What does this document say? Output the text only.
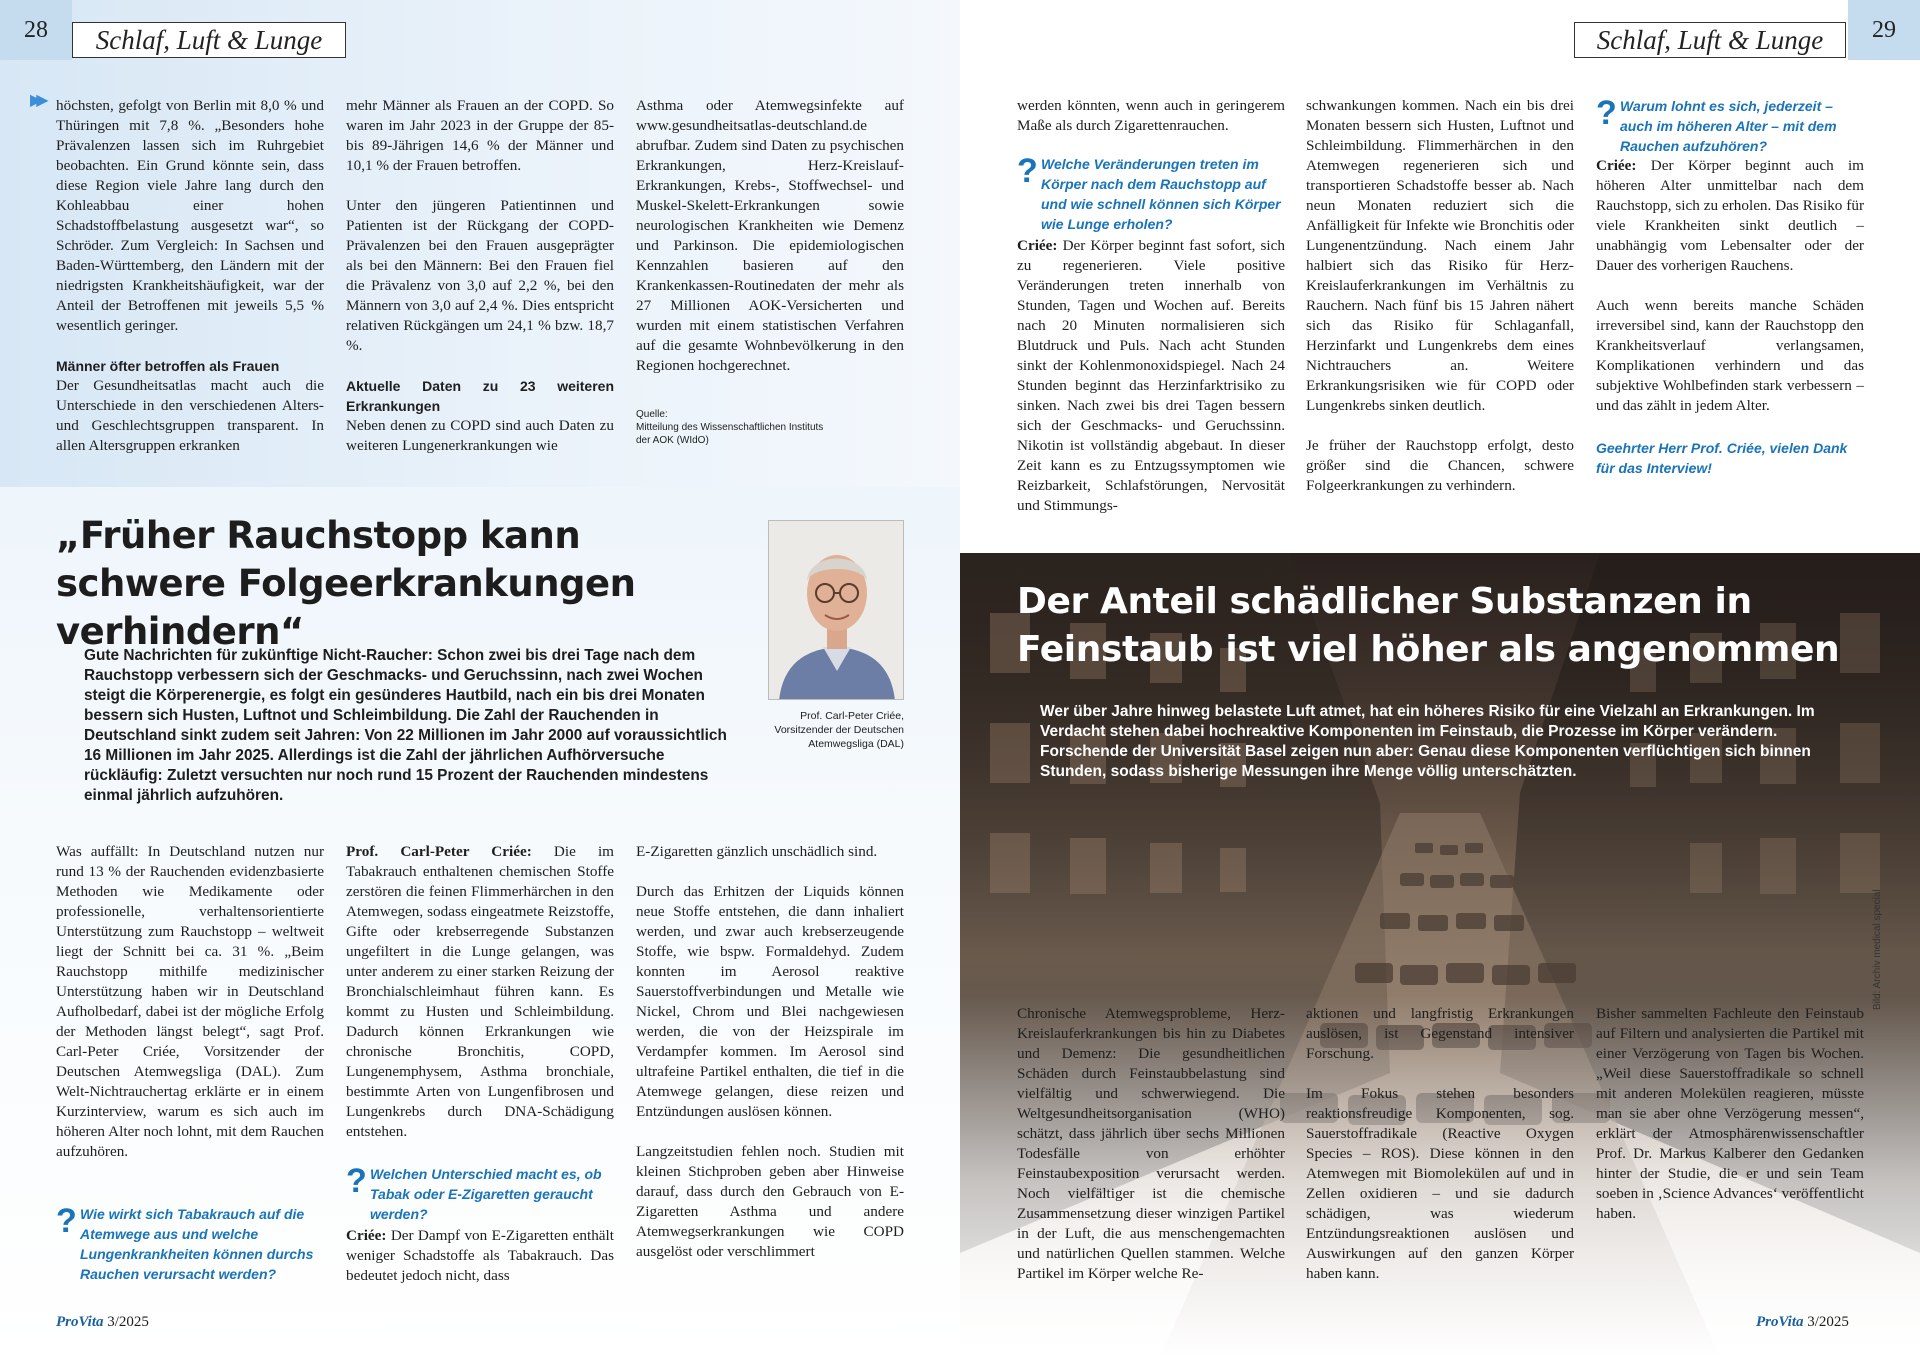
28	Schlaf, Luft & Lunge	Schlaf, Luft & Lunge	29
▶▶ höchsten, gefolgt von Berlin mit 8,0 % und Thüringen mit 7,8 %. „Besonders hohe Prävalenzen lassen sich im Ruhrgebiet beobachten. Ein Grund könnte sein, dass diese Region viele Jahre lang durch den Kohleabbau einer hohen Schadstoffbelastung ausgesetzt war“, so Schröder. Zum Vergleich: In Sachsen und Baden-Württemberg, den Ländern mit der niedrigsten Krankheitshäufigkeit, war der Anteil der Betroffenen mit jeweils 5,5 % wesentlich geringer.

Männer öfter betroffen als Frauen
Der Gesundheitsatlas macht auch die Unterschiede in den verschiedenen Alters- und Geschlechtsgruppen transparent. In allen Altersgruppen erkranken

mehr Männer als Frauen an der COPD. So waren im Jahr 2023 in der Gruppe der 85- bis 89-Jährigen 14,6 % der Männer und 10,1 % der Frauen betroffen.

Unter den jüngeren Patientinnen und Patienten ist der Rückgang der COPD-Prävalenzen bei den Frauen ausgeprägter als bei den Männern: Bei den Frauen fiel die Prävalenz von 3,0 auf 2,2 %, bei den Männern von 3,0 auf 2,4 %. Dies entspricht relativen Rückgängen um 24,1 % bzw. 18,7 %.

Aktuelle Daten zu 23 weiteren Erkrankungen
Neben denen zu COPD sind auch Daten zu weiteren Lungenerkrankungen wie

Asthma oder Atemwegsinfekte auf www.gesundheitsatlas-deutschland.de abrufbar. Zudem sind Daten zu psychischen Erkrankungen, Herz-Kreislauf-Erkrankungen, Krebs-, Stoffwechsel- und Muskel-Skelett-Erkrankungen sowie neurologischen Krankheiten wie Demenz und Parkinson. Die epidemiologischen Kennzahlen basieren auf den Krankenkassen-Routinedaten der mehr als 27 Millionen AOK-Versicherten und wurden mit einem statistischen Verfahren auf die gesamte Wohnbevölkerung in den Regionen hochgerechnet.

Quelle:
Mitteilung des Wissenschaftlichen Instituts der AOK (WIdO)

„Früher Rauchstopp kann schwere Folgeerkrankungen verhindern“
Gute Nachrichten für zukünftige Nicht-Raucher: Schon zwei bis drei Tage nach dem Rauchstopp verbessern sich der Geschmacks- und Geruchssinn, nach zwei Wochen steigt die Körperenergie, es folgt ein gesünderes Hautbild, nach ein bis drei Monaten bessern sich Husten, Luftnot und Schleimbildung. Die Zahl der Rauchenden in Deutschland sinkt zudem seit Jahren: Von 22 Millionen im Jahr 2000 auf voraussichtlich 16 Millionen im Jahr 2025. Allerdings ist die Zahl der jährlichen Aufhörversuche rückläufig: Zuletzt versuchten nur noch rund 15 Prozent der Rauchenden mindestens einmal jährlich aufzuhören.
Prof. Carl-Peter Criée, Vorsitzender der Deutschen Atemwegsliga (DAL)

Was auffällt: In Deutschland nutzen nur rund 13 % der Rauchenden evidenzbasierte Methoden wie Medikamente oder professionelle, verhaltensorientierte Unterstützung zum Rauchstopp – weltweit liegt der Schnitt bei ca. 31 %. „Beim Rauchstopp mithilfe medizinischer Unterstützung haben wir in Deutschland Aufholbedarf, dabei ist der mögliche Erfolg der Methoden längst belegt“, sagt Prof. Carl-Peter Criée, Vorsitzender der Deutschen Atemwegsliga (DAL). Zum Welt-Nichtrauchertag erklärte er in einem Kurzinterview, warum es sich auch im höheren Alter noch lohnt, mit dem Rauchen aufzuhören.

? Wie wirkt sich Tabakrauch auf die Atemwege aus und welche Lungenkrankheiten können durchs Rauchen verursacht werden?

Prof. Carl-Peter Criée: Die im Tabakrauch enthaltenen chemischen Stoffe zerstören die feinen Flimmerhärchen in den Atemwegen, sodass eingeatmete Reizstoffe, Gifte oder krebserregende Substanzen ungefiltert in die Lunge gelangen, was unter anderem zu einer starken Reizung der Bronchialschleimhaut führen kann. Es kommt zu Husten und Schleimbildung. Dadurch können Erkrankungen wie chronische Bronchitis, COPD, Lungenemphysem, Asthma bronchiale, bestimmte Arten von Lungenfibrosen und Lungenkrebs durch DNA-Schädigung entstehen.

? Welchen Unterschied macht es, ob Tabak oder E-Zigaretten geraucht werden?

Criée: Der Dampf von E-Zigaretten enthält weniger Schadstoffe als Tabakrauch. Das bedeutet jedoch nicht, dass

E-Zigaretten gänzlich unschädlich sind.

Durch das Erhitzen der Liquids können neue Stoffe entstehen, die dann inhaliert werden, und zwar auch krebserzeugende Stoffe, wie bspw. Formaldehyd. Zudem konnten im Aerosol reaktive Sauerstoffverbindungen und Metalle wie Nickel, Chrom und Blei nachgewiesen werden, die von der Heizspirale im Verdampfer kommen. Im Aerosol sind ultrafeine Partikel enthalten, die tief in die Atemwege gelangen, diese reizen und Entzündungen auslösen können.

Langzeitstudien fehlen noch. Studien mit kleinen Stichproben geben aber Hinweise darauf, dass durch den Gebrauch von E-Zigaretten Asthma und andere Atemwegserkrankungen wie COPD ausgelöst oder verschlimmert

werden könnten, wenn auch in geringerem Maße als durch Zigarettenrauchen.

? Welche Veränderungen treten im Körper nach dem Rauchstopp auf und wie schnell können sich Körper wie Lunge erholen?

Criée: Der Körper beginnt fast sofort, sich zu regenerieren. Viele positive Veränderungen treten innerhalb von Stunden, Tagen und Wochen auf. Bereits nach 20 Minuten normalisieren sich Blutdruck und Puls. Nach acht Stunden sinkt der Kohlenmonoxidspiegel. Nach 24 Stunden beginnt das Herzinfarktrisiko zu sinken. Nach zwei bis drei Tagen bessern sich der Geschmacks- und Geruchssinn. Nikotin ist vollständig abgebaut. In dieser Zeit kann es zu Entzugssymptomen wie Reizbarkeit, Schlafstörungen, Nervosität und Stimmungs-

schwankungen kommen. Nach ein bis drei Monaten bessern sich Husten, Luftnot und Schleimbildung. Flimmerhärchen in den Atemwegen regenerieren sich und transportieren Schadstoffe besser ab. Nach neun Monaten reduziert sich die Anfälligkeit für Infekte wie Bronchitis oder Lungenentzündung. Nach einem Jahr halbiert sich das Risiko für Herz-Kreislauferkrankungen im Verhältnis zu Rauchern. Nach fünf bis 15 Jahren nähert sich das Risiko für Schlaganfall, Herzinfarkt und Lungenkrebs dem eines Nichtrauchers an. Weitere Erkrankungsrisiken wie für COPD oder Lungenkrebs sinken deutlich.

Je früher der Rauchstopp erfolgt, desto größer sind die Chancen, schwere Folgeerkrankungen zu verhindern.

? Warum lohnt es sich, jederzeit – auch im höheren Alter – mit dem Rauchen aufzuhören?

Criée: Der Körper beginnt auch im höheren Alter unmittelbar nach dem Rauchstopp, sich zu erholen. Das Risiko für viele Krankheiten sinkt deutlich – unabhängig vom Lebensalter oder der Dauer des vorherigen Rauchens.

Auch wenn bereits manche Schäden irreversibel sind, kann der Rauchstopp den Krankheitsverlauf verlangsamen, Komplikationen verhindern und das subjektive Wohlbefinden stark verbessern – und das zählt in jedem Alter.

Geehrter Herr Prof. Criée, vielen Dank für das Interview!
Der Anteil schädlicher Substanzen in Feinstaub ist viel höher als angenommen
Wer über Jahre hinweg belastete Luft atmet, hat ein höheres Risiko für eine Vielzahl an Erkrankungen. Im Verdacht stehen dabei hochreaktive Komponenten im Feinstaub, die Prozesse im Körper verändern. Forschende der Universität Basel zeigen nun aber: Genau diese Komponenten verflüchtigen sich binnen Stunden, sodass bisherige Messungen ihre Menge völlig unterschätzten.

Chronische Atemwegsprobleme, Herz-Kreislauferkrankungen bis hin zu Diabetes und Demenz: Die gesundheitlichen Schäden durch Feinstaubbelastung sind vielfältig und schwerwiegend. Die Weltgesundheitsorganisation (WHO) schätzt, dass jährlich über sechs Millionen Todesfälle von erhöhter Feinstaubexposition verursacht werden. Noch vielfältiger ist die chemische Zusammensetzung dieser winzigen Partikel in der Luft, die aus menschengemachten und natürlichen Quellen stammen. Welche Partikel im Körper welche Re-

aktionen und langfristig Erkrankungen auslösen, ist Gegenstand intensiver Forschung.

Im Fokus stehen besonders reaktionsfreudige Komponenten, sog. Sauerstoffradikale (Reactive Oxygen Species – ROS). Diese können in den Atemwegen mit Biomolekülen auf und in Zellen oxidieren – und sie dadurch schädigen, was wiederum Entzündungsreaktionen auslösen und Auswirkungen auf den ganzen Körper haben kann.

Bisher sammelten Fachleute den Feinstaub auf Filtern und analysierten die Partikel mit einer Verzögerung von Tagen bis Wochen. „Weil diese Sauerstoffradikale so schnell mit anderen Molekülen reagieren, müsste man sie aber ohne Verzögerung messen“, erklärt der Atmosphärenwissenschaftler Prof. Dr. Markus Kalberer den Gedanken hinter der Studie, die er und sein Team soeben in ‚Science Advances‘ veröffentlicht haben.

Bild: Archiv medical special
ProVita 3/2025	ProVita 3/2025
